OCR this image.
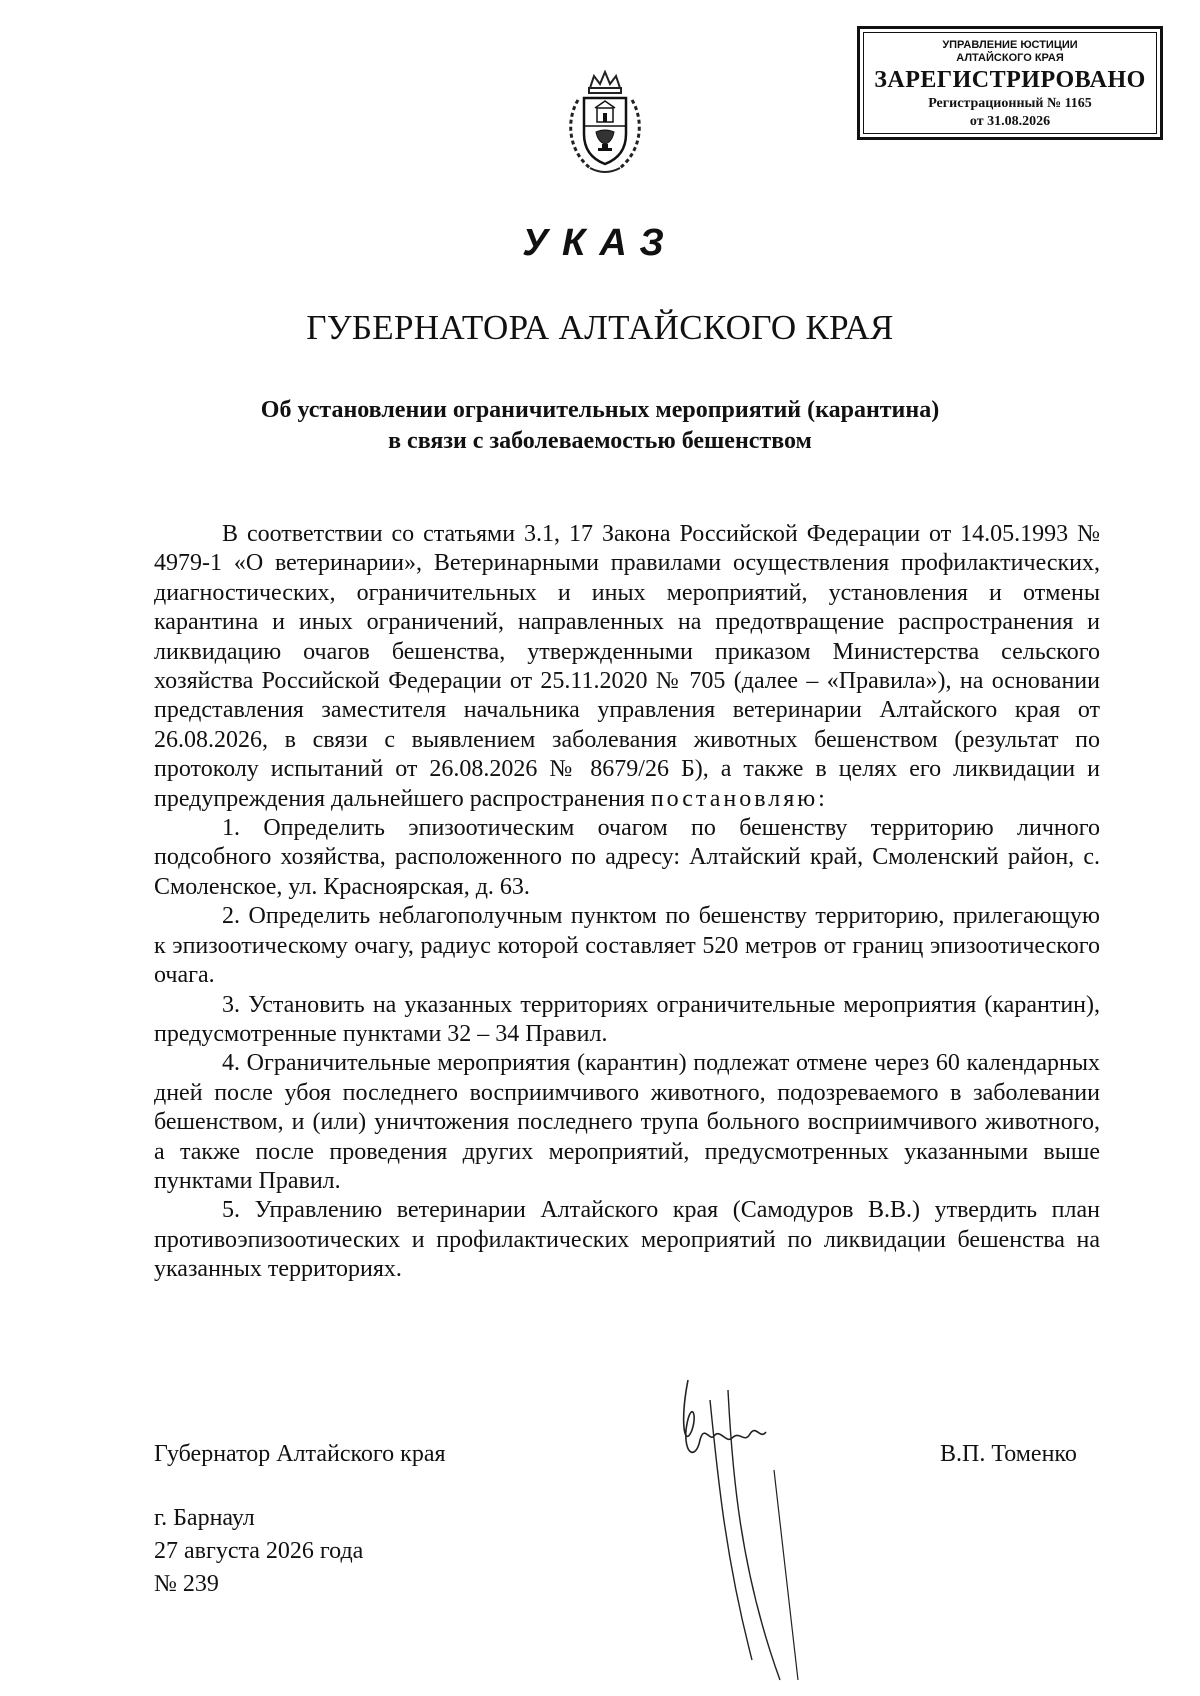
УПРАВЛЕНИЕ ЮСТИЦИИ
АЛТАЙСКОГО КРАЯ
ЗАРЕГИСТРИРОВАНО
Регистрационный № 1165
от 31.08.2026
УКАЗ
ГУБЕРНАТОРА АЛТАЙСКОГО КРАЯ
Об установлении ограничительных мероприятий (карантина)
в связи с заболеваемостью бешенством

В соответствии со статьями 3.1, 17 Закона Российской Федерации от 14.05.1993 № 4979-1 «О ветеринарии», Ветеринарными правилами осуществления профилактических, диагностических, ограничительных и иных мероприятий, установления и отмены карантина и иных ограничений, направленных на предотвращение распространения и ликвидацию очагов бешенства, утвержденными приказом Министерства сельского хозяйства Российской Федерации от 25.11.2020 № 705 (далее – «Правила»), на основании представления заместителя начальника управления ветеринарии Алтайского края от 26.08.2026, в связи с выявлением заболевания животных бешенством (результат по протоколу испытаний от 26.08.2026 № 8679/26 Б), а также в целях его ликвидации и предупреждения дальнейшего распространения постановляю:

1. Определить эпизоотическим очагом по бешенству территорию личного подсобного хозяйства, расположенного по адресу: Алтайский край, Смоленский район, с. Смоленское, ул. Красноярская, д. 63.

2. Определить неблагополучным пунктом по бешенству территорию, прилегающую к эпизоотическому очагу, радиус которой составляет 520 метров от границ эпизоотического очага.

3. Установить на указанных территориях ограничительные мероприятия (карантин), предусмотренные пунктами 32 – 34 Правил.

4. Ограничительные мероприятия (карантин) подлежат отмене через 60 календарных дней после убоя последнего восприимчивого животного, подозреваемого в заболевании бешенством, и (или) уничтожения последнего трупа больного восприимчивого животного, а также после проведения других мероприятий, предусмотренных указанными выше пунктами Правил.

5. Управлению ветеринарии Алтайского края (Самодуров В.В.) утвердить план противоэпизоотических и профилактических мероприятий по ликвидации бешенства на указанных территориях.

Губернатор Алтайского края	В.П. Томенко
г. Барнаул
27 августа 2026 года
№ 239
